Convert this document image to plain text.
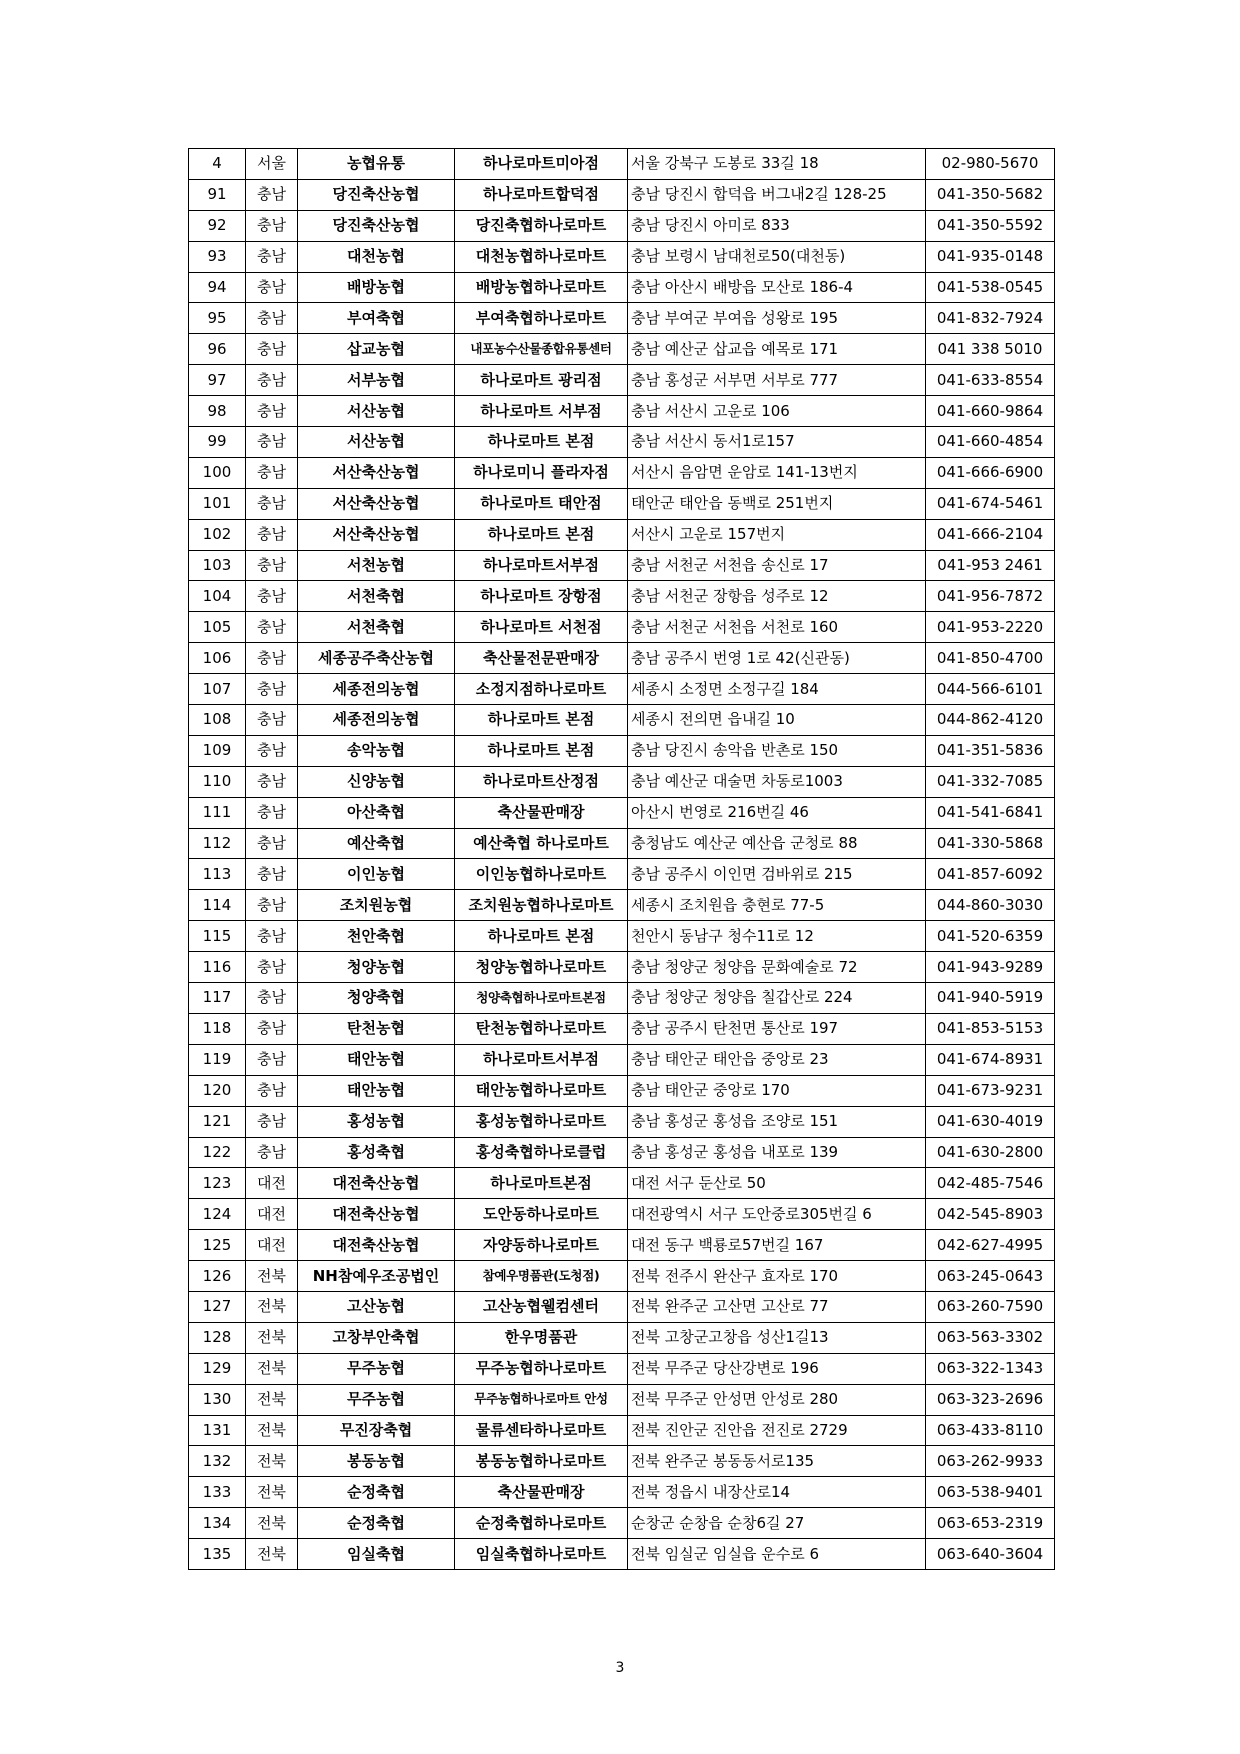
4	서울	농협유통	하나로마트미아점	서울 강북구 도봉로 33길 18	02-980-5670
91	충남	당진축산농협	하나로마트합덕점	충남 당진시 합덕읍 버그내2길 128-25	041-350-5682
92	충남	당진축산농협	당진축협하나로마트	충남 당진시 아미로 833	041-350-5592
93	충남	대천농협	대천농협하나로마트	충남 보령시 남대천로50(대천동)	041-935-0148
94	충남	배방농협	배방농협하나로마트	충남 아산시 배방읍 모산로 186-4	041-538-0545
95	충남	부여축협	부여축협하나로마트	충남 부여군 부여읍 성왕로 195	041-832-7924
96	충남	삽교농협	내포농수산물종합유통센터	충남 예산군 삽교읍 예목로 171	041 338 5010
97	충남	서부농협	하나로마트 광리점	충남 홍성군 서부면 서부로 777	041-633-8554
98	충남	서산농협	하나로마트 서부점	충남 서산시 고운로 106	041-660-9864
99	충남	서산농협	하나로마트 본점	충남 서산시 동서1로157	041-660-4854
100	충남	서산축산농협	하나로미니 플라자점	서산시 음암면 운암로 141-13번지	041-666-6900
101	충남	서산축산농협	하나로마트 태안점	태안군 태안읍 동백로 251번지	041-674-5461
102	충남	서산축산농협	하나로마트 본점	서산시 고운로 157번지	041-666-2104
103	충남	서천농협	하나로마트서부점	충남 서천군 서천읍 송신로 17	041-953 2461
104	충남	서천축협	하나로마트 장항점	충남 서천군 장항읍 성주로 12	041-956-7872
105	충남	서천축협	하나로마트 서천점	충남 서천군 서천읍 서천로 160	041-953-2220
106	충남	세종공주축산농협	축산물전문판매장	충남 공주시 번영 1로 42(신관동)	041-850-4700
107	충남	세종전의농협	소정지점하나로마트	세종시 소정면 소정구길 184	044-566-6101
108	충남	세종전의농협	하나로마트 본점	세종시 전의면 읍내길 10	044-862-4120
109	충남	송악농협	하나로마트 본점	충남 당진시 송악읍 반촌로 150	041-351-5836
110	충남	신양농협	하나로마트산정점	충남 예산군 대술면 차동로1003	041-332-7085
111	충남	아산축협	축산물판매장	아산시 번영로 216번길 46	041-541-6841
112	충남	예산축협	예산축협 하나로마트	충청남도 예산군 예산읍 군청로 88	041-330-5868
113	충남	이인농협	이인농협하나로마트	충남 공주시 이인면 검바위로 215	041-857-6092
114	충남	조치원농협	조치원농협하나로마트	세종시 조치원읍 충현로 77-5	044-860-3030
115	충남	천안축협	하나로마트 본점	천안시 동남구 청수11로 12	041-520-6359
116	충남	청양농협	청양농협하나로마트	충남 청양군 청양읍 문화예술로 72	041-943-9289
117	충남	청양축협	청양축협하나로마트본점	충남 청양군 청양읍 칠갑산로 224	041-940-5919
118	충남	탄천농협	탄천농협하나로마트	충남 공주시 탄천면 통산로 197	041-853-5153
119	충남	태안농협	하나로마트서부점	충남 태안군 태안읍 중앙로 23	041-674-8931
120	충남	태안농협	태안농협하나로마트	충남 태안군 중앙로 170	041-673-9231
121	충남	홍성농협	홍성농협하나로마트	충남 홍성군 홍성읍 조양로 151	041-630-4019
122	충남	홍성축협	홍성축협하나로클럽	충남 홍성군 홍성읍 내포로 139	041-630-2800
123	대전	대전축산농협	하나로마트본점	대전 서구 둔산로 50	042-485-7546
124	대전	대전축산농협	도안동하나로마트	대전광역시 서구 도안중로305번길 6	042-545-8903
125	대전	대전축산농협	자양동하나로마트	대전 동구 백룡로57번길 167	042-627-4995
126	전북	NH참예우조공법인	참예우명품관(도청점)	전북 전주시 완산구 효자로 170	063-245-0643
127	전북	고산농협	고산농협웰컴센터	전북 완주군 고산면 고산로 77	063-260-7590
128	전북	고창부안축협	한우명품관	전북 고창군고창읍 성산1길13	063-563-3302
129	전북	무주농협	무주농협하나로마트	전북 무주군 당산강변로 196	063-322-1343
130	전북	무주농협	무주농협하나로마트 안성	전북 무주군 안성면 안성로 280	063-323-2696
131	전북	무진장축협	물류센타하나로마트	전북 진안군 진안읍 전진로 2729	063-433-8110
132	전북	봉동농협	봉동농협하나로마트	전북 완주군 봉동동서로135	063-262-9933
133	전북	순정축협	축산물판매장	전북 정읍시 내장산로14	063-538-9401
134	전북	순정축협	순정축협하나로마트	순창군 순창읍 순창6길 27	063-653-2319
135	전북	임실축협	임실축협하나로마트	전북 임실군 임실읍 운수로 6	063-640-3604
3
